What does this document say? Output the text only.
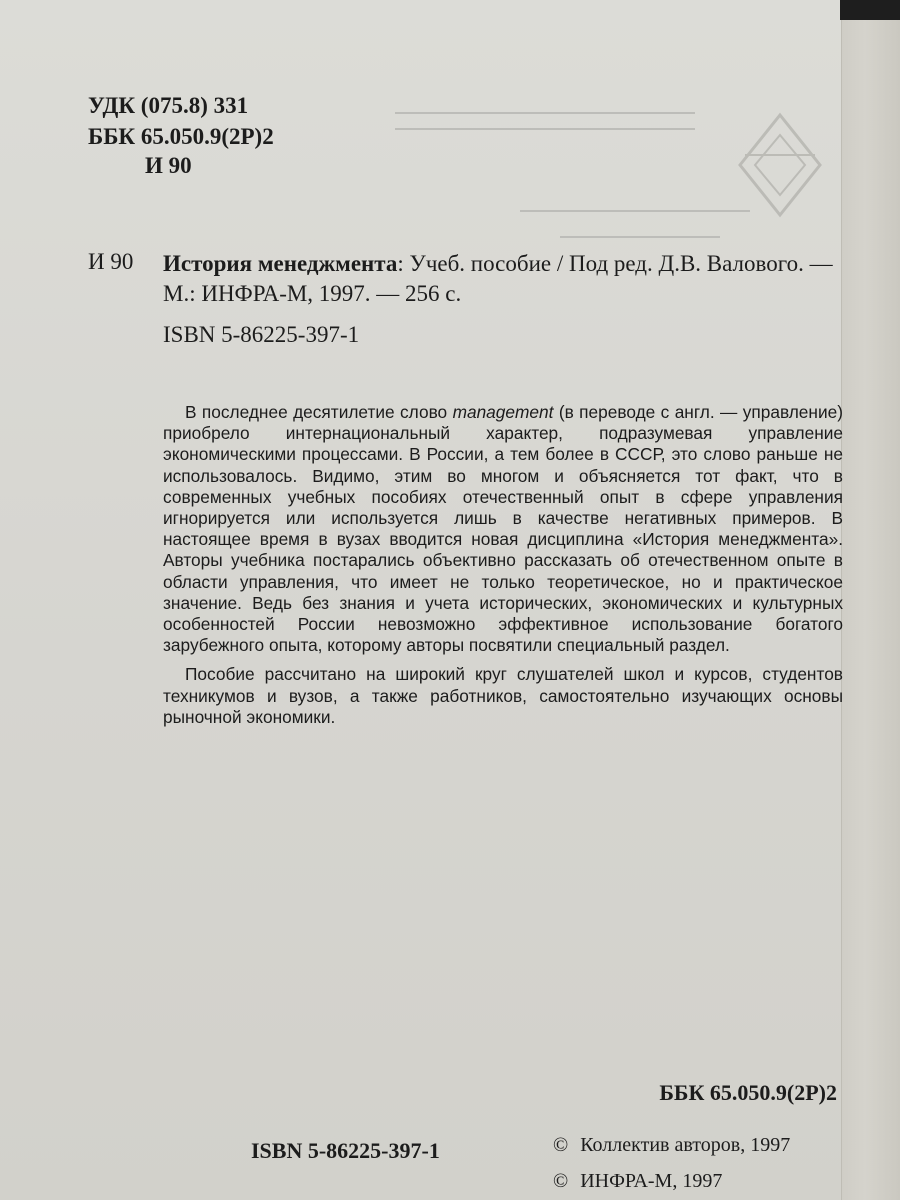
УДК (075.8) 331
ББК 65.050.9(2Р)2
И 90
И 90 История менеджмента: Учеб. пособие / Под ред. Д.В. Валового. — М.: ИНФРА-М, 1997. — 256 с.
ISBN 5-86225-397-1

В последнее десятилетие слово management (в переводе с англ. — управление) приобрело интернациональный характер, подразумевая управление экономическими процессами. В России, а тем более в СССР, это слово раньше не использовалось. Видимо, этим во многом и объясняется тот факт, что в современных учебных пособиях отечественный опыт в сфере управления игнорируется или используется лишь в качестве негативных примеров. В настоящее время в вузах вводится новая дисциплина «История менеджмента». Авторы учебника постарались объективно рассказать об отечественном опыте в области управления, что имеет не только теоретическое, но и практическое значение. Ведь без знания и учета исторических, экономических и культурных особенностей России невозможно эффективное использование богатого зарубежного опыта, которому авторы посвятили специальный раздел.

Пособие рассчитано на широкий круг слушателей школ и курсов, студентов техникумов и вузов, а также работников, самостоятельно изучающих основы рыночной экономики.

ББК 65.050.9(2Р)2
ISBN 5-86225-397-1	© Коллектив авторов, 1997
© ИНФРА-М, 1997
